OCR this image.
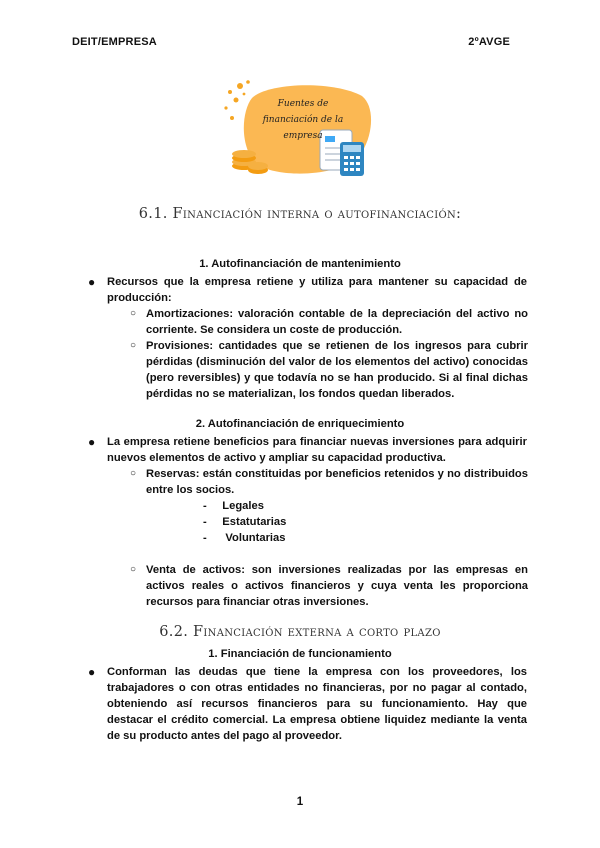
DEIT/EMPRESA	2ºAVGE
Fuentes de financiación de la empresa
6.1. Financiación interna o autofinanciación:
1. Autofinanciación de mantenimiento
● Recursos que la empresa retiene y utiliza para mantener su capacidad de producción:
○ Amortizaciones: valoración contable de la depreciación del activo no corriente. Se considera un coste de producción.
○ Provisiones: cantidades que se retienen de los ingresos para cubrir pérdidas (disminución del valor de los elementos del activo) conocidas (pero reversibles) y que todavía no se han producido. Si al final dichas pérdidas no se materializan, los fondos quedan liberados.
2. Autofinanciación de enriquecimiento
● La empresa retiene beneficios para financiar nuevas inversiones para adquirir nuevos elementos de activo y ampliar su capacidad productiva.
○ Reservas: están constituidas por beneficios retenidos y no distribuidos entre los socios.
-     Legales
-     Estatutarias
-      Voluntarias
○ Venta de activos: son inversiones realizadas por las empresas en activos reales o activos financieros y cuya venta les proporciona recursos para financiar otras inversiones.
6.2. Financiación externa a corto plazo
1. Financiación de funcionamiento
● Conforman las deudas que tiene la empresa con los proveedores, los trabajadores o con otras entidades no financieras, por no pagar al contado, obteniendo así recursos financieros para su funcionamiento. Hay que destacar el crédito comercial. La empresa obtiene liquidez mediante la venta de su producto antes del pago al proveedor.
1
